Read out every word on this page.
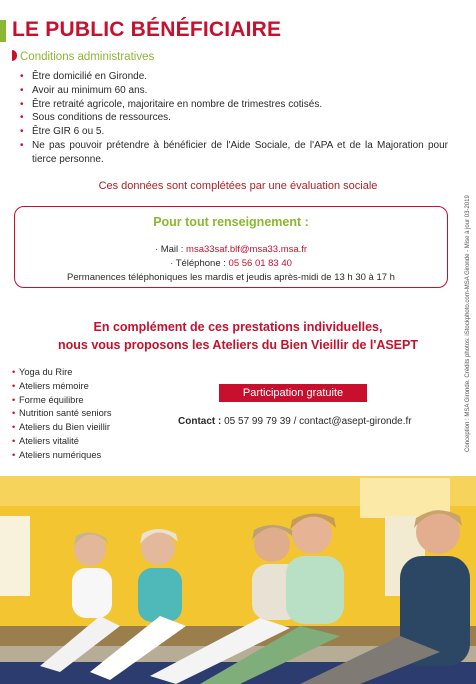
LE PUBLIC BÉNÉFICIAIRE
Conditions administratives
• Être domicilié en Gironde.
• Avoir au minimum 60 ans.
• Être retraité agricole, majoritaire en nombre de trimestres cotisés.
• Sous conditions de ressources.
• Être GIR 6 ou 5.
• Ne pas pouvoir prétendre à bénéficier de l'Aide Sociale, de l'APA et de la Majoration pour tierce personne.
Ces données sont complétées par une évaluation sociale
Pour tout renseignement :
· Mail : msa33saf.blf@msa33.msa.fr
· Téléphone : 05 56 01 83 40
Permanences téléphoniques les mardis et jeudis après-midi de 13 h 30 à 17 h
En complément de ces prestations individuelles,
nous vous proposons les Ateliers du Bien Vieillir de l'ASEPT
• Yoga du Rire
• Ateliers mémoire
• Forme équilibre
• Nutrition santé seniors
• Ateliers du Bien vieillir
• Ateliers vitalité
• Ateliers numériques
Participation gratuite
Contact : 05 57 99 79 39 / contact@asept-gironde.fr	Conception : MSA Gironde. Crédits photos: iStockphoto.com-MSA Gironde - Mise à jour 03-2019
